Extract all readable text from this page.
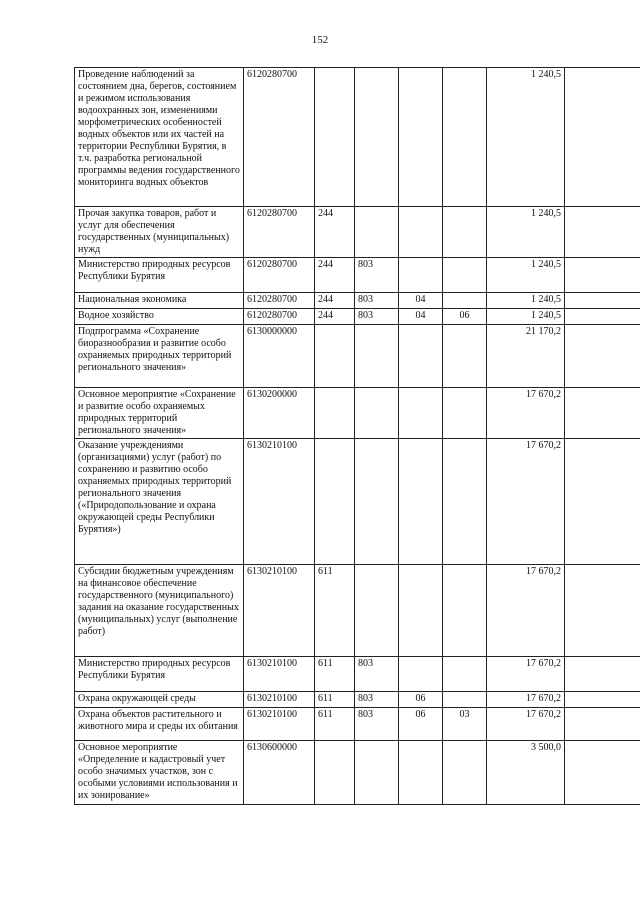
152
Проведение наблюдений за состоянием дна, берегов, состоянием и режимом использования водоохранных зон, изменениями морфометрических особенностей водных объектов или их частей на территории Республики Бурятия, в т.ч. разработка региональной программы ведения государственного мониторинга водных объектов	6120280700					1 240,5	
Прочая закупка товаров, работ и услуг для обеспечения государственных (муниципальных) нужд	6120280700	244				1 240,5	
Министерство природных ресурсов Республики Бурятия	6120280700	244	803			1 240,5	
Национальная экономика	6120280700	244	803	04		1 240,5	
Водное хозяйство	6120280700	244	803	04	06	1 240,5	
Подпрограмма «Сохранение биоразнообразия и развитие особо охраняемых природных территорий регионального значения»	6130000000					21 170,2	
Основное мероприятие «Сохранение и развитие особо охраняемых природных территорий регионального значения»	6130200000					17 670,2	
Оказание учреждениями (организациями) услуг (работ) по сохранению и развитию особо охраняемых природных территорий регионального значения («Природопользование и охрана окружающей среды Республики Бурятия»)	6130210100					17 670,2	
Субсидии бюджетным учреждениям на финансовое обеспечение государственного (муниципального) задания на оказание государственных (муниципальных) услуг (выполнение работ)	6130210100	611				17 670,2	
Министерство природных ресурсов Республики Бурятия	6130210100	611	803			17 670,2	
Охрана окружающей среды	6130210100	611	803	06		17 670,2	
Охрана объектов растительного и животного мира и среды их обитания	6130210100	611	803	06	03	17 670,2	
Основное мероприятие «Определение и кадастровый учет особо значимых участков, зон с особыми условиями использования и их зонирование»	6130600000					3 500,0	
